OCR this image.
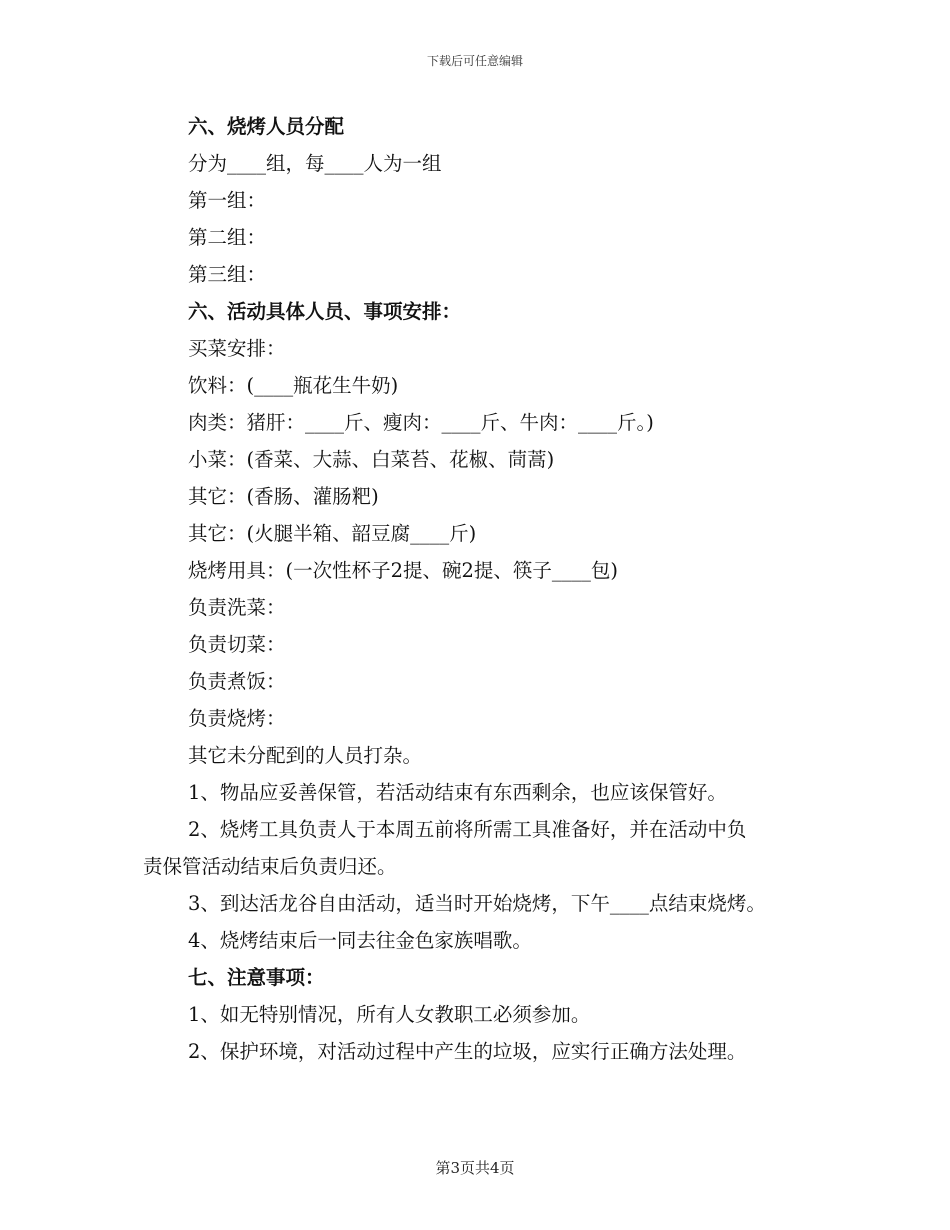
下载后可任意编辑
六、烧烤人员分配
分为____组，每____人为一组
第一组：
第二组：
第三组：
六、活动具体人员、事项安排：
买菜安排：
饮料：(____瓶花生牛奶)
肉类：猪肝：____斤、瘦肉：____斤、牛肉：____斤。)
小菜：(香菜、大蒜、白菜苔、花椒、茼蒿)
其它：(香肠、灌肠粑)
其它：(火腿半箱、韶豆腐____斤)
烧烤用具：(一次性杯子2提、碗2提、筷子____包)
负责洗菜：
负责切菜：
负责煮饭：
负责烧烤：
其它未分配到的人员打杂。
1、物品应妥善保管，若活动结束有东西剩余，也应该保管好。
2、烧烤工具负责人于本周五前将所需工具准备好，并在活动中负
责保管活动结束后负责归还。
3、到达活龙谷自由活动，适当时开始烧烤，下午____点结束烧烤。
4、烧烤结束后一同去往金色家族唱歌。
七、注意事项：
1、如无特别情况，所有人女教职工必须参加。
2、保护环境，对活动过程中产生的垃圾，应实行正确方法处理。
第3页共4页
